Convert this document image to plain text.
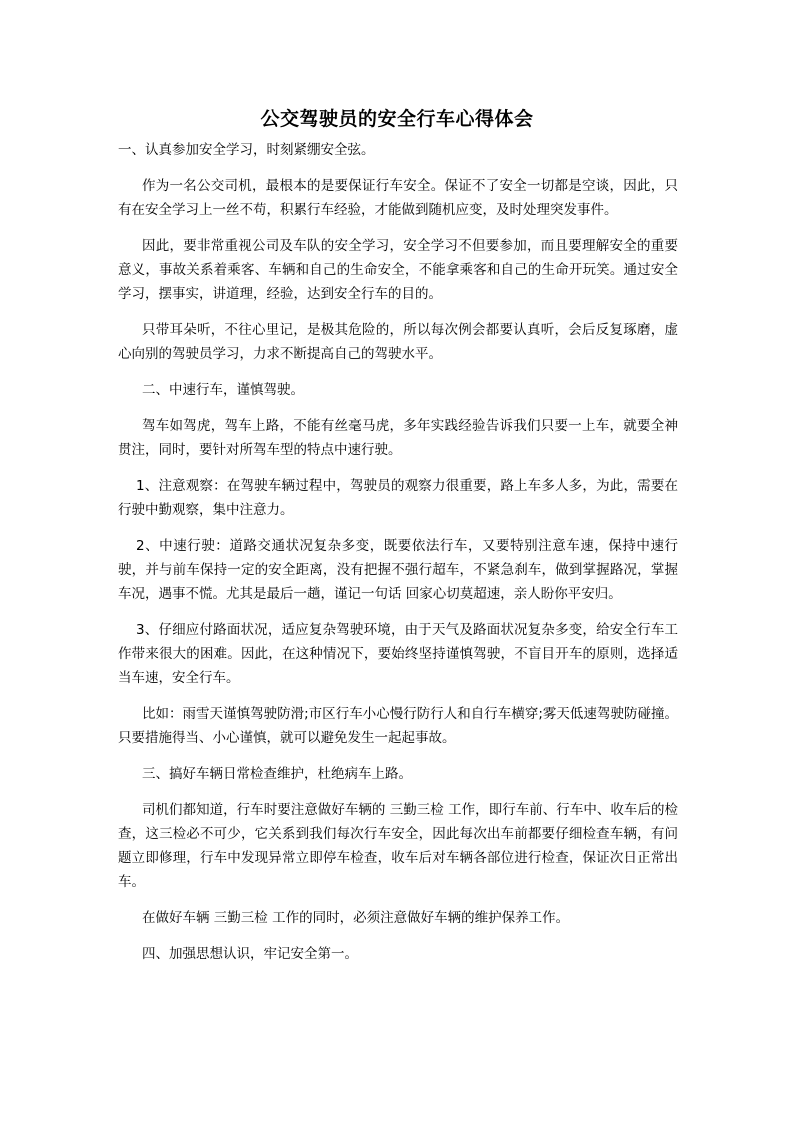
公交驾驶员的安全行车心得体会

一、认真参加安全学习，时刻紧绷安全弦。

作为一名公交司机，最根本的是要保证行车安全。保证不了安全一切都是空谈，因此，只有在安全学习上一丝不苟，积累行车经验，才能做到随机应变，及时处理突发事件。

因此，要非常重视公司及车队的安全学习，安全学习不但要参加，而且要理解安全的重要意义，事故关系着乘客、车辆和自己的生命安全，不能拿乘客和自己的生命开玩笑。通过安全学习，摆事实，讲道理，经验，达到安全行车的目的。

只带耳朵听，不往心里记，是极其危险的，所以每次例会都要认真听，会后反复琢磨，虚心向别的驾驶员学习，力求不断提高自己的驾驶水平。

二、中速行车，谨慎驾驶。

驾车如驾虎，驾车上路，不能有丝毫马虎，多年实践经验告诉我们只要一上车，就要全神贯注，同时，要针对所驾车型的特点中速行驶。

1、注意观察：在驾驶车辆过程中，驾驶员的观察力很重要，路上车多人多，为此，需要在行驶中勤观察，集中注意力。

2、中速行驶：道路交通状况复杂多变，既要依法行车，又要特别注意车速，保持中速行驶，并与前车保持一定的安全距离，没有把握不强行超车，不紧急刹车，做到掌握路况，掌握车况，遇事不慌。尤其是最后一趟，谨记一句话 回家心切莫超速，亲人盼你平安归。

3、仔细应付路面状况，适应复杂驾驶环境，由于天气及路面状况复杂多变，给安全行车工作带来很大的困难。因此，在这种情况下，要始终坚持谨慎驾驶，不盲目开车的原则，选择适当车速，安全行车。

比如：雨雪天谨慎驾驶防滑;市区行车小心慢行防行人和自行车横穿;雾天低速驾驶防碰撞。只要措施得当、小心谨慎，就可以避免发生一起起事故。

三、搞好车辆日常检查维护，杜绝病车上路。

司机们都知道，行车时要注意做好车辆的 三勤三检 工作，即行车前、行车中、收车后的检查，这三检必不可少，它关系到我们每次行车安全，因此每次出车前都要仔细检查车辆，有问题立即修理，行车中发现异常立即停车检查，收车后对车辆各部位进行检查，保证次日正常出车。

在做好车辆 三勤三检 工作的同时，必须注意做好车辆的维护保养工作。

四、加强思想认识，牢记安全第一。
